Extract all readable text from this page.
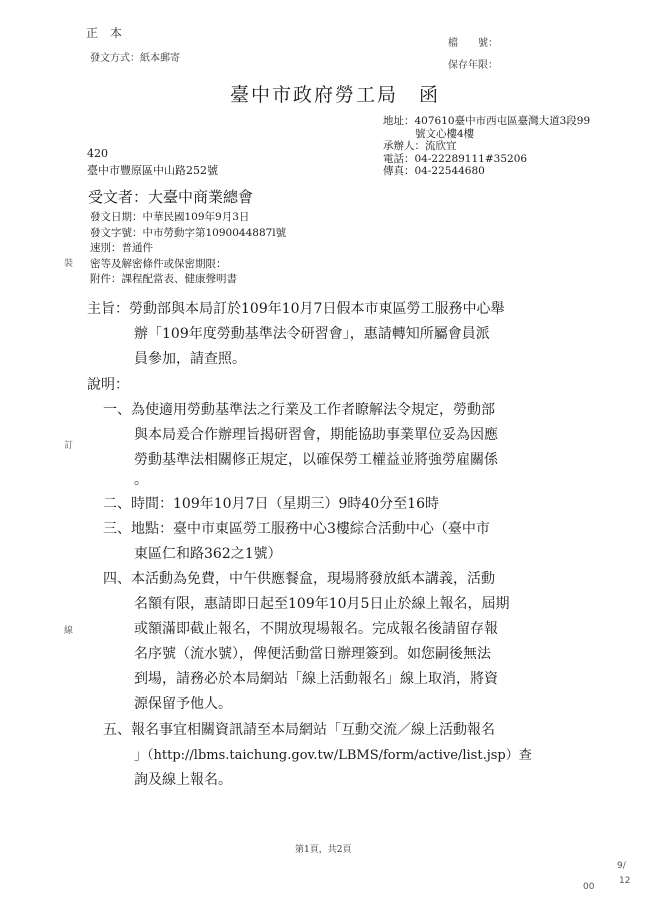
正　本
發文方式：紙本郵寄
檔　　號：
保存年限：
臺中市政府勞工局　函
地址：407610臺中市西屯區臺灣大道3段99
號文心樓4樓
承辦人：流欣宜
電話：04-22289111#35206
傳真：04-22544680
420
臺中市豐原區中山路252號
受文者：大臺中商業總會
發文日期：中華民國109年9月3日
發文字號：中市勞動字第1090044887l號
速別：普通件
密等及解密條件或保密期限：
附件：課程配當表、健康聲明書
主旨：勞動部與本局訂於109年10月7日假本市東區勞工服務中心舉
辦「109年度勞動基準法令研習會」，惠請轉知所屬會員派
員參加，請查照。
說明：
一、為使適用勞動基準法之行業及工作者瞭解法令規定，勞動部
與本局爰合作辦理旨揭研習會，期能協助事業單位妥為因應
勞動基準法相關修正規定，以確保勞工權益並將強勞雇關係
。
二、時間：109年10月7日（星期三）9時40分至16時
三、地點：臺中市東區勞工服務中心3樓綜合活動中心（臺中市
東區仁和路362之1號）
四、本活動為免費，中午供應餐盒，現場將發放紙本講義，活動
名額有限，惠請即日起至109年10月5日止於線上報名，屆期
或額滿即截止報名，不開放現場報名。完成報名後請留存報
名序號（流水號），俾便活動當日辦理簽到。如您嗣後無法
到場，請務必於本局網站「線上活動報名」線上取消，將資
源保留予他人。
五、報名事宜相關資訊請至本局網站「互動交流／線上活動報名
」（http://lbms.taichung.gov.tw/LBMS/form/active/list.jsp）查
詢及線上報名。
裝
訂
線
第1頁，共2頁
9/
12
00
